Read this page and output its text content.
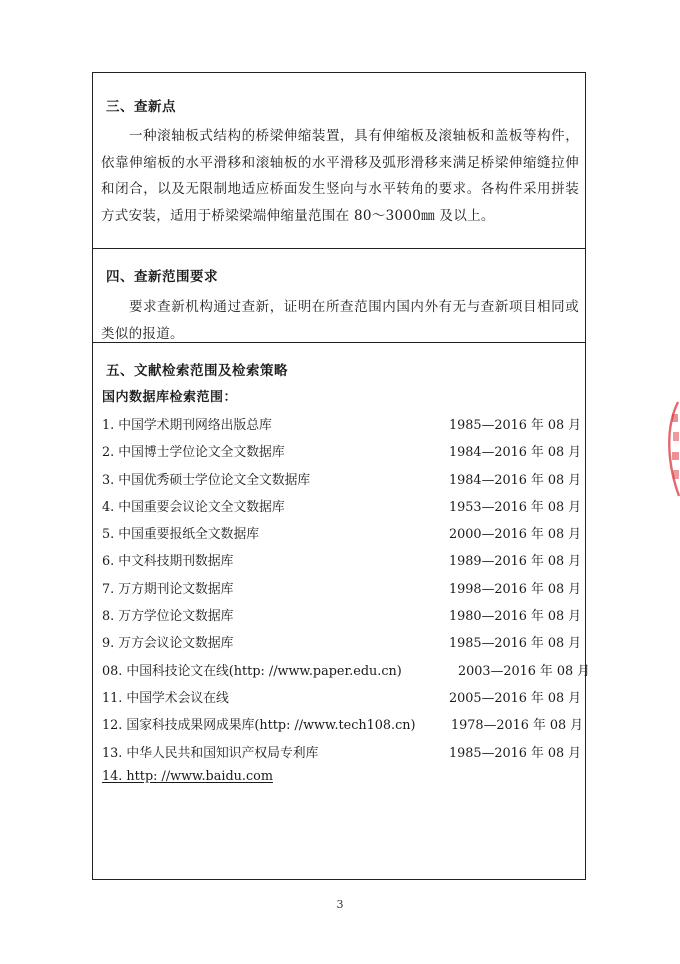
三、查新点

一种滚轴板式结构的桥梁伸缩装置，具有伸缩板及滚轴板和盖板等构件，依靠伸缩板的水平滑移和滚轴板的水平滑移及弧形滑移来满足桥梁伸缩缝拉伸和闭合，以及无限制地适应桥面发生竖向与水平转角的要求。各构件采用拼装方式安装，适用于桥梁梁端伸缩量范围在 80～3000㎜ 及以上。

四、查新范围要求

要求查新机构通过查新，证明在所查范围内国内外有无与查新项目相同或类似的报道。

五、文献检索范围及检索策略
国内数据库检索范围：
1. 中国学术期刊网络出版总库	1985—2016 年 08 月
2. 中国博士学位论文全文数据库	1984—2016 年 08 月
3. 中国优秀硕士学位论文全文数据库	1984—2016 年 08 月
4. 中国重要会议论文全文数据库	1953—2016 年 08 月
5. 中国重要报纸全文数据库	2000—2016 年 08 月
6. 中文科技期刊数据库	1989—2016 年 08 月
7. 万方期刊论文数据库	1998—2016 年 08 月
8. 万方学位论文数据库	1980—2016 年 08 月
9. 万方会议论文数据库	1985—2016 年 08 月
08. 中国科技论文在线(http: //www.paper.edu.cn)	2003—2016 年 08 月
11. 中国学术会议在线	2005—2016 年 08 月
12. 国家科技成果网成果库(http: //www.tech108.cn)	1978—2016 年 08 月
13. 中华人民共和国知识产权局专利库	1985—2016 年 08 月
14. http: //www.baidu.com
3
